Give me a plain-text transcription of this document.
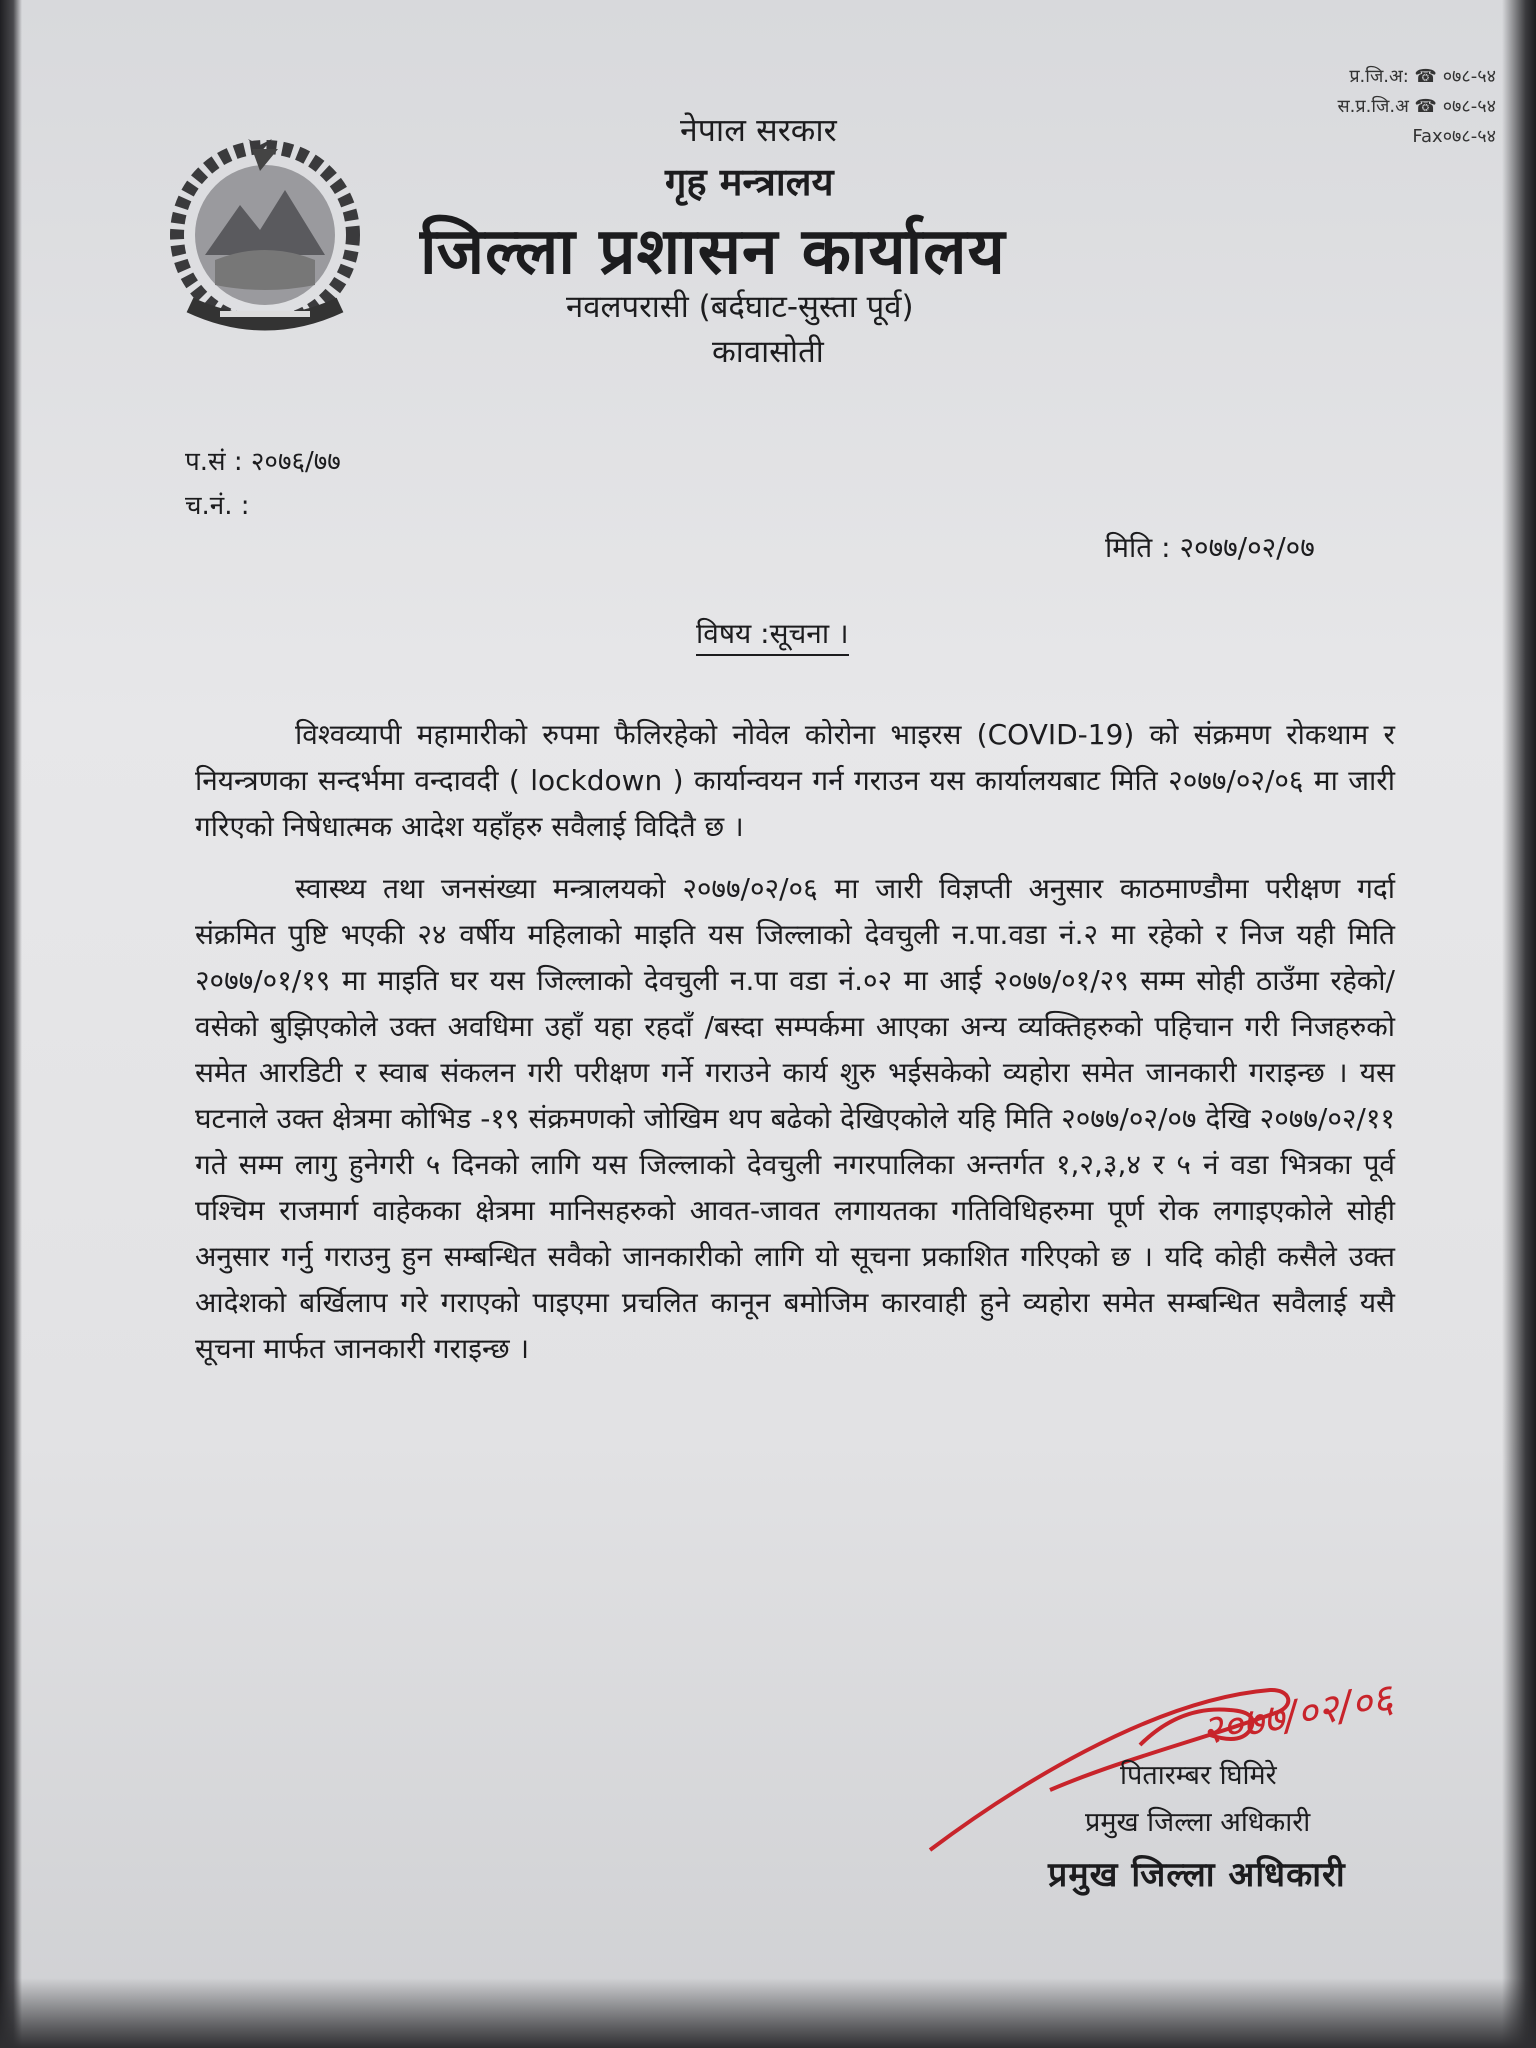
नेपाल सरकार
गृह मन्त्रालय
जिल्ला प्रशासन कार्यालय
नवलपरासी (बर्दघाट-सुस्ता पूर्व)
कावासोती
प्र.जि.अ: ☎ ०७८-५४
स.प्र.जि.अ ☎ ०७८-५४
Fax०७८-५४
प.सं : २०७६/७७
च.नं. :
मिति : २०७७/०२/०७
विषय :सूचना ।

विश्वव्यापी महामारीको रुपमा फैलिरहेको नोवेल कोरोना भाइरस (COVID-19) को संक्रमण रोकथाम र नियन्त्रणका सन्दर्भमा वन्दावदी ( lockdown ) कार्यान्वयन गर्न गराउन यस कार्यालयबाट मिति २०७७/०२/०६ मा जारी गरिएको निषेधात्मक आदेश यहाँहरु सवैलाई विदितै छ ।

स्वास्थ्य तथा जनसंख्या मन्त्रालयको २०७७/०२/०६ मा जारी विज्ञप्ती अनुसार काठमाण्डौमा परीक्षण गर्दा संक्रमित पुष्टि भएकी २४ वर्षीय महिलाको माइति यस जिल्लाको देवचुली न.पा.वडा नं.२ मा रहेको र निज यही मिति २०७७/०१/१९ मा माइति घर यस जिल्लाको देवचुली न.पा वडा नं.०२ मा आई २०७७/०१/२९ सम्म सोही ठाउँमा रहेको/वसेको बुझिएकोले उक्त अवधिमा उहाँ यहा रहदाँ /बस्दा सम्पर्कमा आएका अन्य व्यक्तिहरुको पहिचान गरी निजहरुको समेत आरडिटी र स्वाब संकलन गरी परीक्षण गर्ने गराउने कार्य शुरु भईसकेको व्यहोरा समेत जानकारी गराइन्छ । यस घटनाले उक्त क्षेत्रमा कोभिड -१९ संक्रमणको जोखिम थप बढेको देखिएकोले यहि मिति २०७७/०२/०७ देखि २०७७/०२/११ गते सम्म लागु हुनेगरी ५ दिनको लागि यस जिल्लाको देवचुली नगरपालिका अन्तर्गत १,२,३,४ र ५ नं वडा भित्रका पूर्व पश्चिम राजमार्ग वाहेकका क्षेत्रमा मानिसहरुको आवत-जावत लगायतका गतिविधिहरुमा पूर्ण रोक लगाइएकोले सोही अनुसार गर्नु गराउनु हुन सम्बन्धित सवैको जानकारीको लागि यो सूचना प्रकाशित गरिएको छ । यदि कोही कसैले उक्त आदेशको बर्खिलाप गरे गराएको पाइएमा प्रचलित कानून बमोजिम कारवाही हुने व्यहोरा समेत सम्बन्धित सवैलाई यसै सूचना मार्फत जानकारी गराइन्छ ।

२०७७/०२/०६
पितारम्बर घिमिरे
प्रमुख जिल्ला अधिकारी
प्रमुख जिल्ला अधिकारी
